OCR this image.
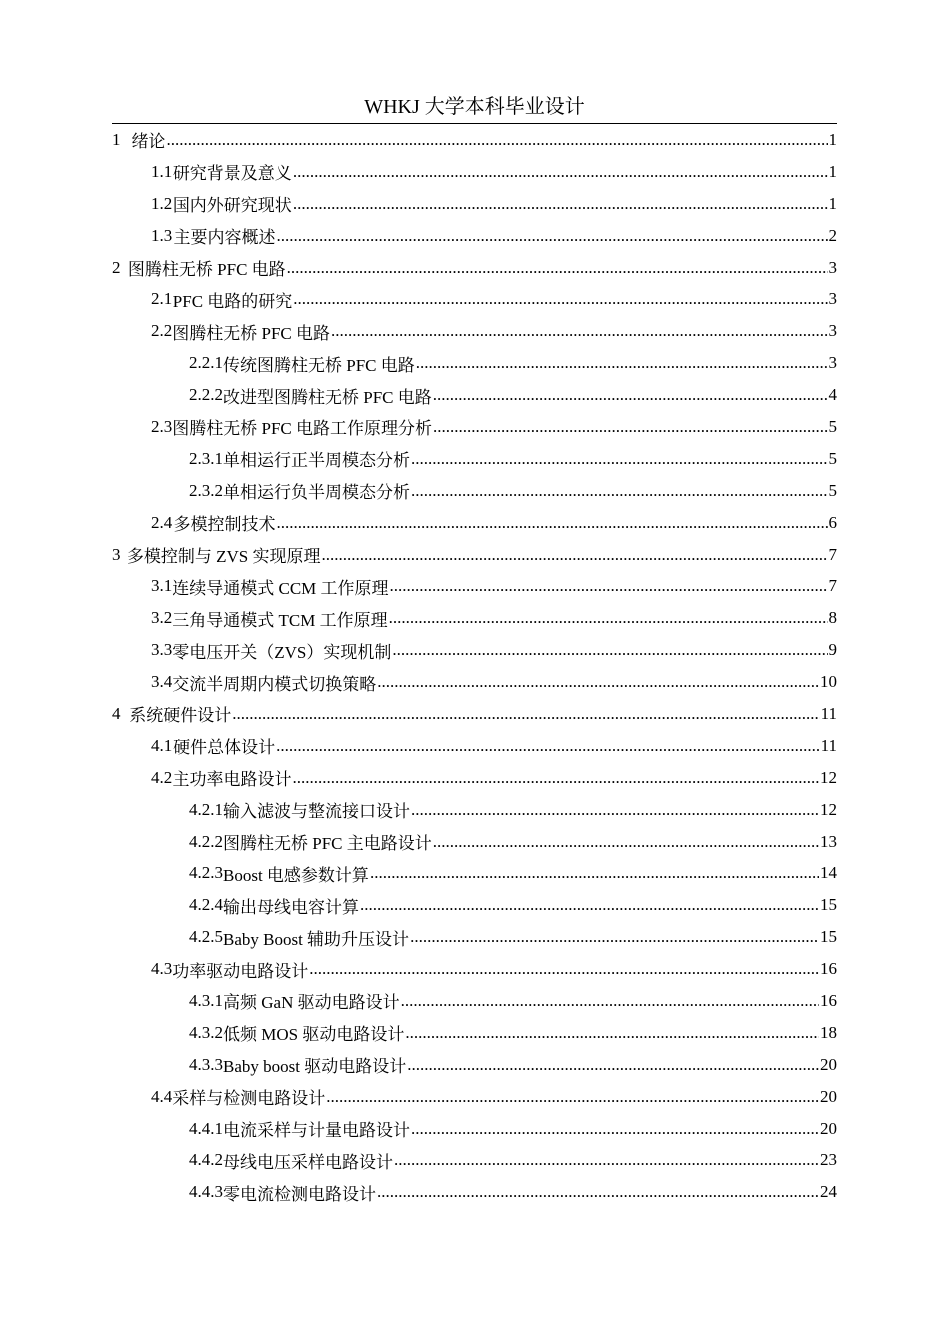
WHKJ 大学本科毕业设计
1 绪论 .....	1
1.1 研究背景及意义 .....	1
1.2 国内外研究现状 .....	1
1.3 主要内容概述 .....	2
2 图腾柱无桥 PFC 电路 .....	3
2.1 PFC 电路的研究 .....	3
2.2 图腾柱无桥 PFC 电路 .....	3
2.2.1 传统图腾柱无桥 PFC 电路 .....	3
2.2.2 改进型图腾柱无桥 PFC 电路 .....	4
2.3 图腾柱无桥 PFC 电路工作原理分析 .....	5
2.3.1 单相运行正半周模态分析 .....	5
2.3.2 单相运行负半周模态分析 .....	5
2.4 多模控制技术 .....	6
3 多模控制与 ZVS 实现原理 .....	7
3.1 连续导通模式 CCM 工作原理 .....	7
3.2 三角导通模式 TCM 工作原理 .....	8
3.3 零电压开关（ZVS）实现机制 .....	9
3.4 交流半周期内模式切换策略 .....	10
4 系统硬件设计 .....	11
4.1 硬件总体设计 .....	11
4.2 主功率电路设计 .....	12
4.2.1 输入滤波与整流接口设计 .....	12
4.2.2 图腾柱无桥 PFC 主电路设计 .....	13
4.2.3 Boost 电感参数计算 .....	14
4.2.4 输出母线电容计算 .....	15
4.2.5 Baby Boost 辅助升压设计 .....	15
4.3 功率驱动电路设计 .....	16
4.3.1 高频 GaN 驱动电路设计 .....	16
4.3.2 低频 MOS 驱动电路设计 .....	18
4.3.3 Baby boost 驱动电路设计 .....	20
4.4 采样与检测电路设计 .....	20
4.4.1 电流采样与计量电路设计 .....	20
4.4.2 母线电压采样电路设计 .....	23
4.4.3 零电流检测电路设计 .....	24
